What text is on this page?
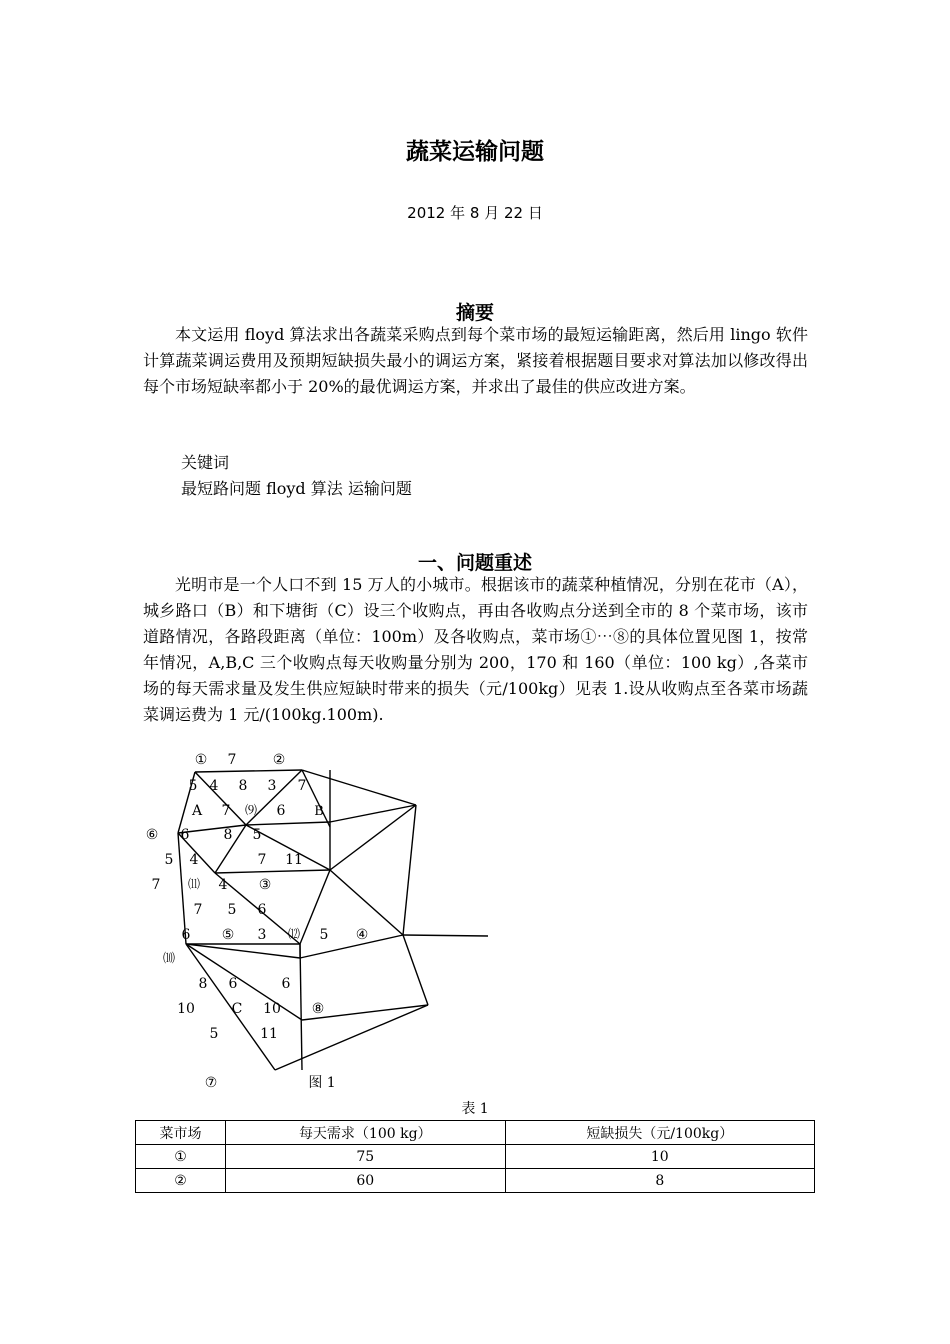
蔬菜运输问题
2012 年 8 月 22 日
摘要
本文运用 floyd 算法求出各蔬菜采购点到每个菜市场的最短运输距离，然后用 lingo 软件计算蔬菜调运费用及预期短缺损失最小的调运方案，紧接着根据题目要求对算法加以修改得出每个市场短缺率都小于 20%的最优调运方案，并求出了最佳的供应改进方案。
关键词
最短路问题 floyd 算法 运输问题
一、问题重述
光明市是一个人口不到 15 万人的小城市。根据该市的蔬菜种植情况，分别在花市（A），城乡路口（B）和下塘街（C）设三个收购点，再由各收购点分送到全市的 8 个菜市场，该市道路情况，各路段距离（单位：100m）及各收购点，菜市场①⋯⑧的具体位置见图 1，按常年情况，A,B,C 三个收购点每天收购量分别为 200，170 和 160（单位：100 kg）,各菜市场的每天需求量及发生供应短缺时带来的损失（元/100kg）见表 1.设从收购点至各菜市场蔬菜调运费为 1 元/(100kg.100m).
① 7	②
5 4 8 3 7
A 7 ⑼ 6 B
⑥ 6 8 5
5 4	7 11
7 ⑾ 4 ③
7 5 6
6 ⑤ 3 ⑿ 5 ④
⑽
8 6	6
10	C 10 ⑧
5	11
⑦	图 1
表 1
菜市场	每天需求（100 kg）	短缺损失（元/100kg）
①	75	10
②	60	8
